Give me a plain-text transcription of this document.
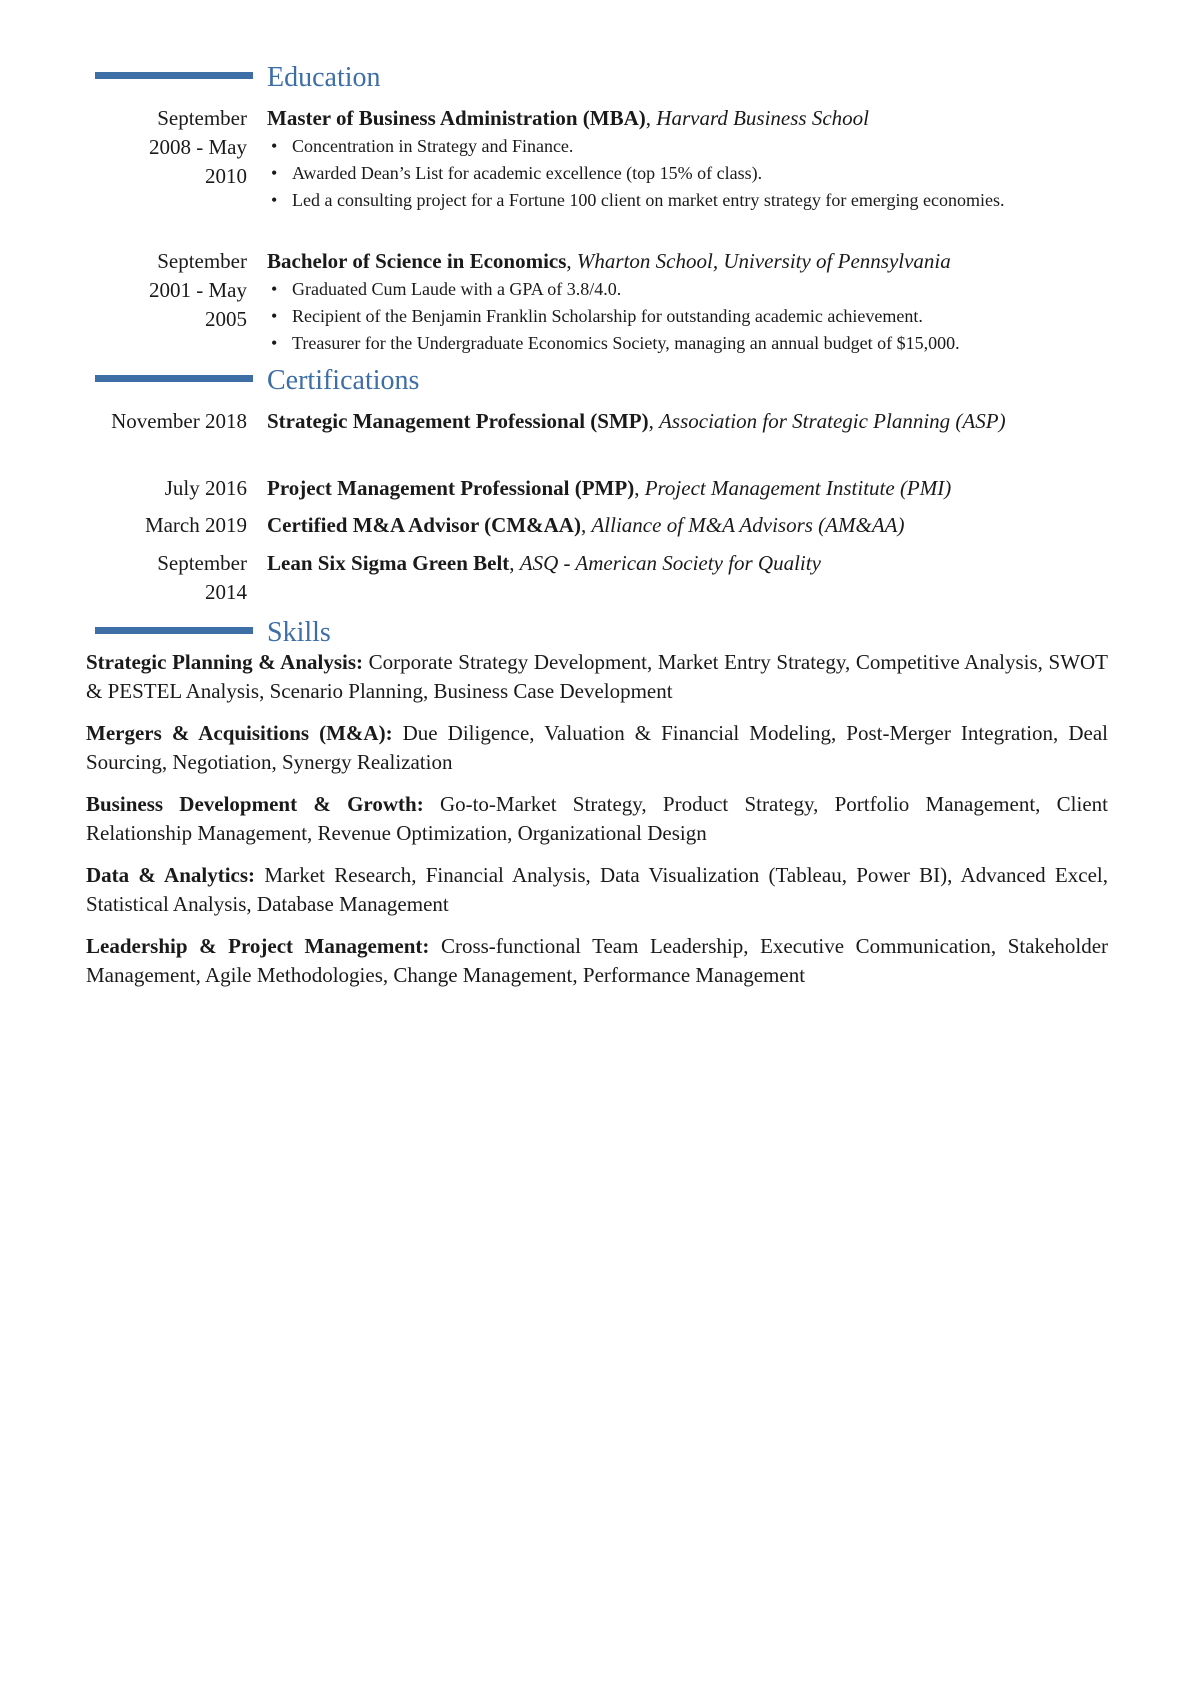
Education
September
2008 - May
2010
Master of Business Administration (MBA), Harvard Business School
• Concentration in Strategy and Finance.
• Awarded Dean’s List for academic excellence (top 15% of class).
• Led a consulting project for a Fortune 100 client on market entry strategy for emerging economies.
September
2001 - May
2005
Bachelor of Science in Economics, Wharton School, University of Pennsylvania
• Graduated Cum Laude with a GPA of 3.8/4.0.
• Recipient of the Benjamin Franklin Scholarship for outstanding academic achievement.
• Treasurer for the Undergraduate Economics Society, managing an annual budget of $15,000.
Certifications
November 2018 Strategic Management Professional (SMP), Association for Strategic Planning (ASP)
July 2016 Project Management Professional (PMP), Project Management Institute (PMI)
March 2019 Certified M&A Advisor (CM&AA), Alliance of M&A Advisors (AM&AA)
September
2014
Lean Six Sigma Green Belt, ASQ - American Society for Quality
Skills
Strategic Planning & Analysis: Corporate Strategy Development, Market Entry Strategy, Competitive Analysis, SWOT & PESTEL Analysis, Scenario Planning, Business Case Development
Mergers & Acquisitions (M&A): Due Diligence, Valuation & Financial Modeling, Post-Merger Integration, Deal Sourcing, Negotiation, Synergy Realization
Business Development & Growth: Go-to-Market Strategy, Product Strategy, Portfolio Management, Client Relationship Management, Revenue Optimization, Organizational Design
Data & Analytics: Market Research, Financial Analysis, Data Visualization (Tableau, Power BI), Advanced Excel, Statistical Analysis, Database Management
Leadership & Project Management: Cross-functional Team Leadership, Executive Communication, Stakeholder Management, Agile Methodologies, Change Management, Performance Management
